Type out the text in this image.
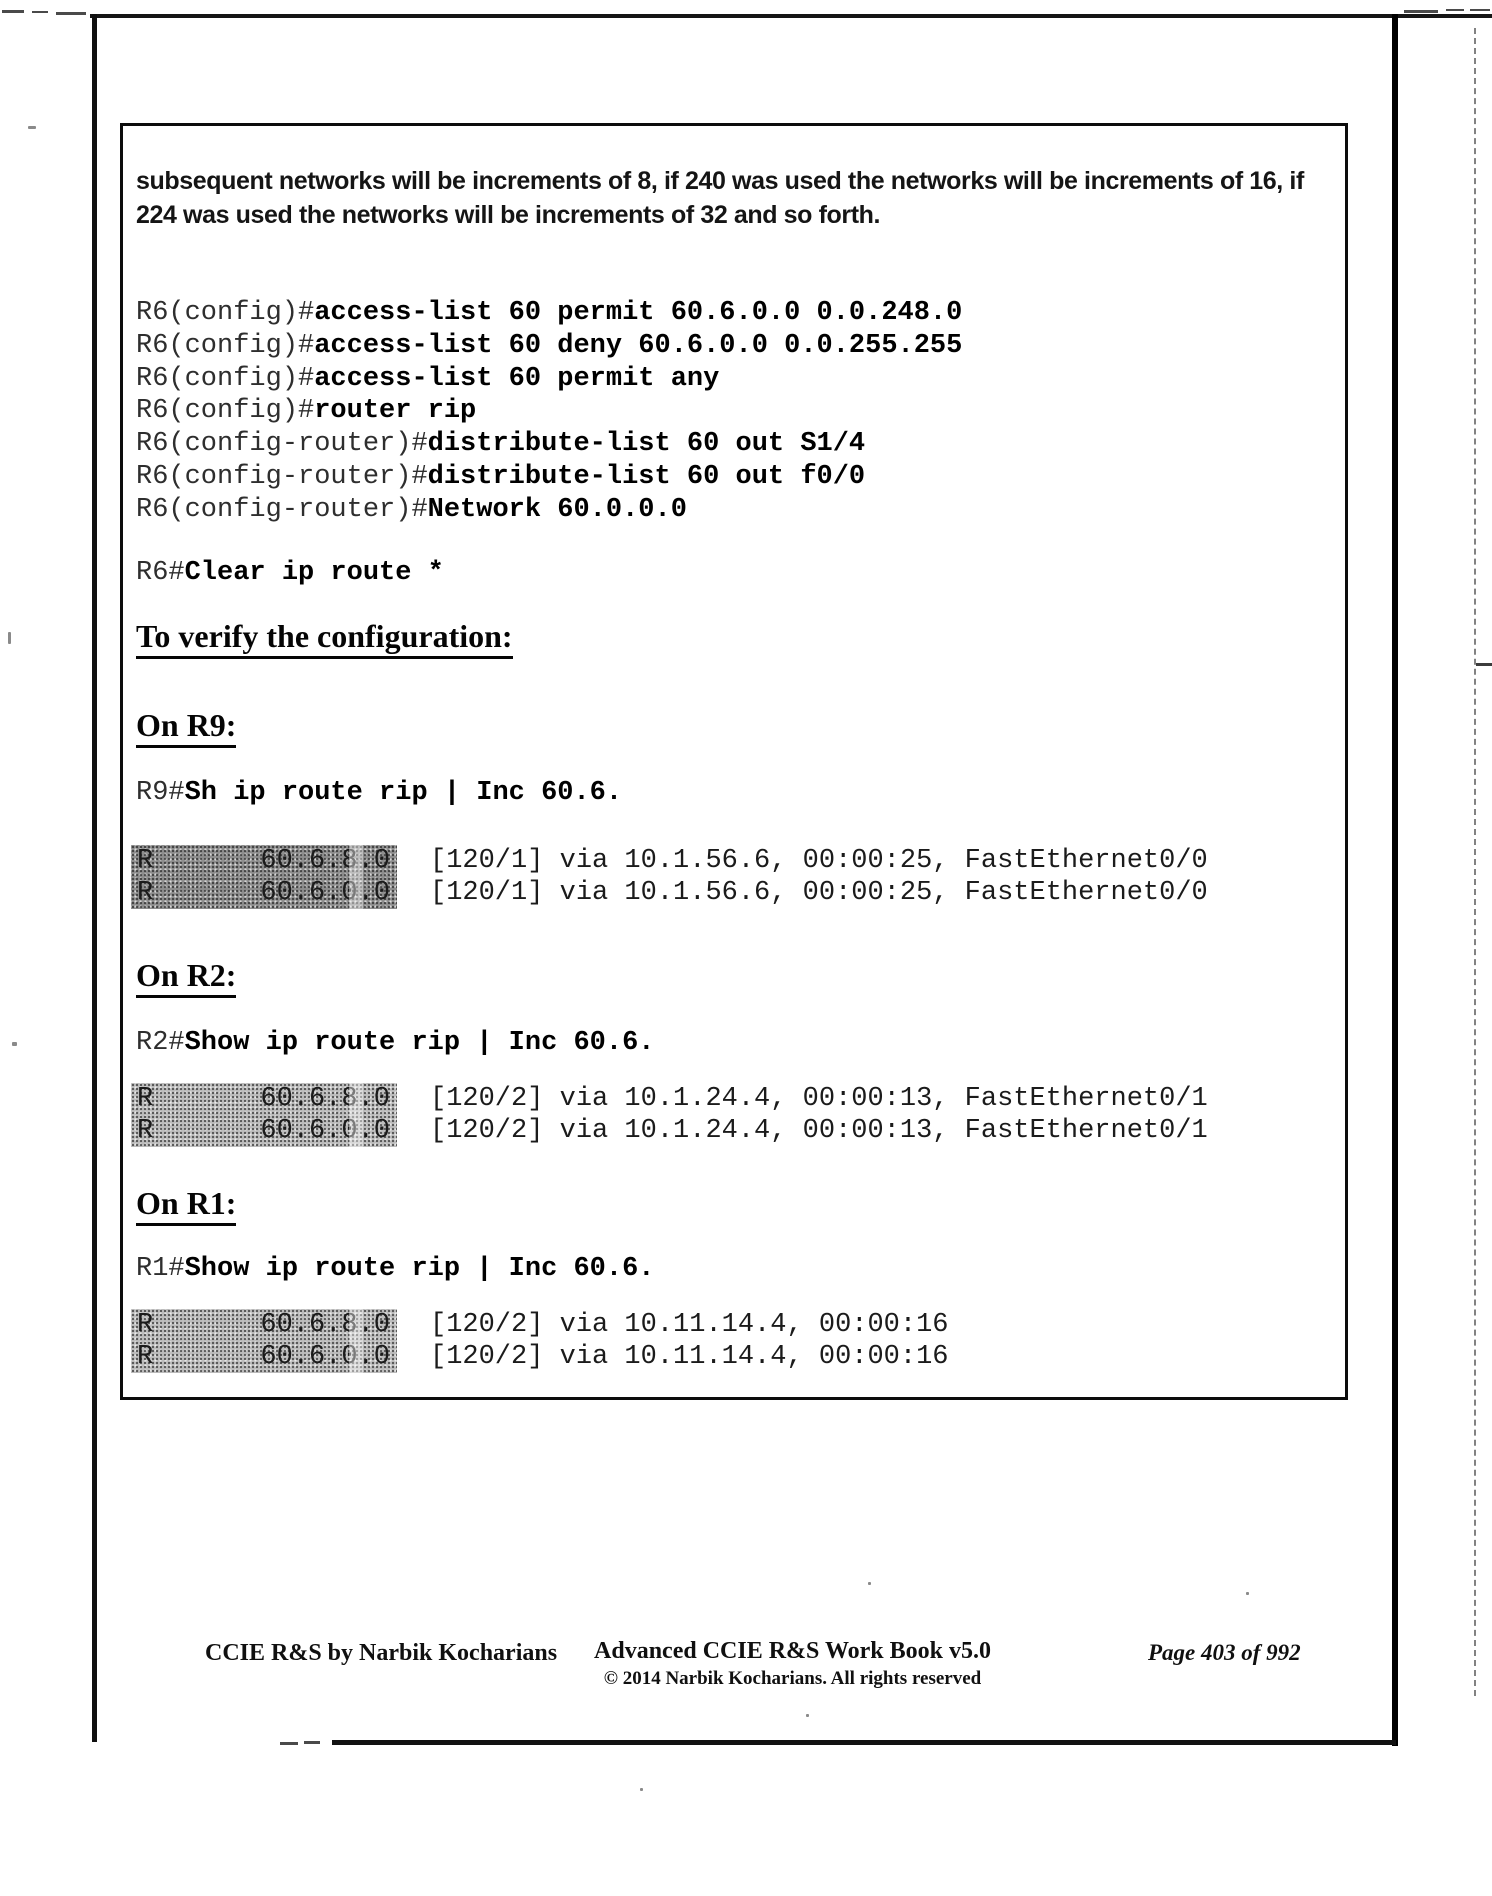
subsequent networks will be increments of 8, if 240 was used the networks will be increments of 16, if
224 was used the networks will be increments of 32 and so forth.
R6(config)#access-list 60 permit 60.6.0.0 0.0.248.0
R6(config)#access-list 60 deny 60.6.0.0 0.0.255.255
R6(config)#access-list 60 permit any
R6(config)#router rip
R6(config-router)#distribute-list 60 out S1/4
R6(config-router)#distribute-list 60 out f0/0
R6(config-router)#Network 60.0.0.0
R6#Clear ip route *
To verify the configuration:
On R9:
R9#Sh ip route rip | Inc 60.6.
R	60.6.8.0 [120/1] via 10.1.56.6, 00:00:25, FastEthernet0/0
R	60.6.0.0 [120/1] via 10.1.56.6, 00:00:25, FastEthernet0/0
On R2:
R2#Show ip route rip | Inc 60.6.
R	60.6.8.0 [120/2] via 10.1.24.4, 00:00:13, FastEthernet0/1
R	60.6.0.0 [120/2] via 10.1.24.4, 00:00:13, FastEthernet0/1
On R1:
R1#Show ip route rip | Inc 60.6.
R	60.6.8.0 [120/2] via 10.11.14.4, 00:00:16
R	60.6.0.0 [120/2] via 10.11.14.4, 00:00:16
CCIE R&S by Narbik Kocharians	Advanced CCIE R&S Work Book v5.0
© 2014 Narbik Kocharians. All rights reserved
Page 403 of 992
